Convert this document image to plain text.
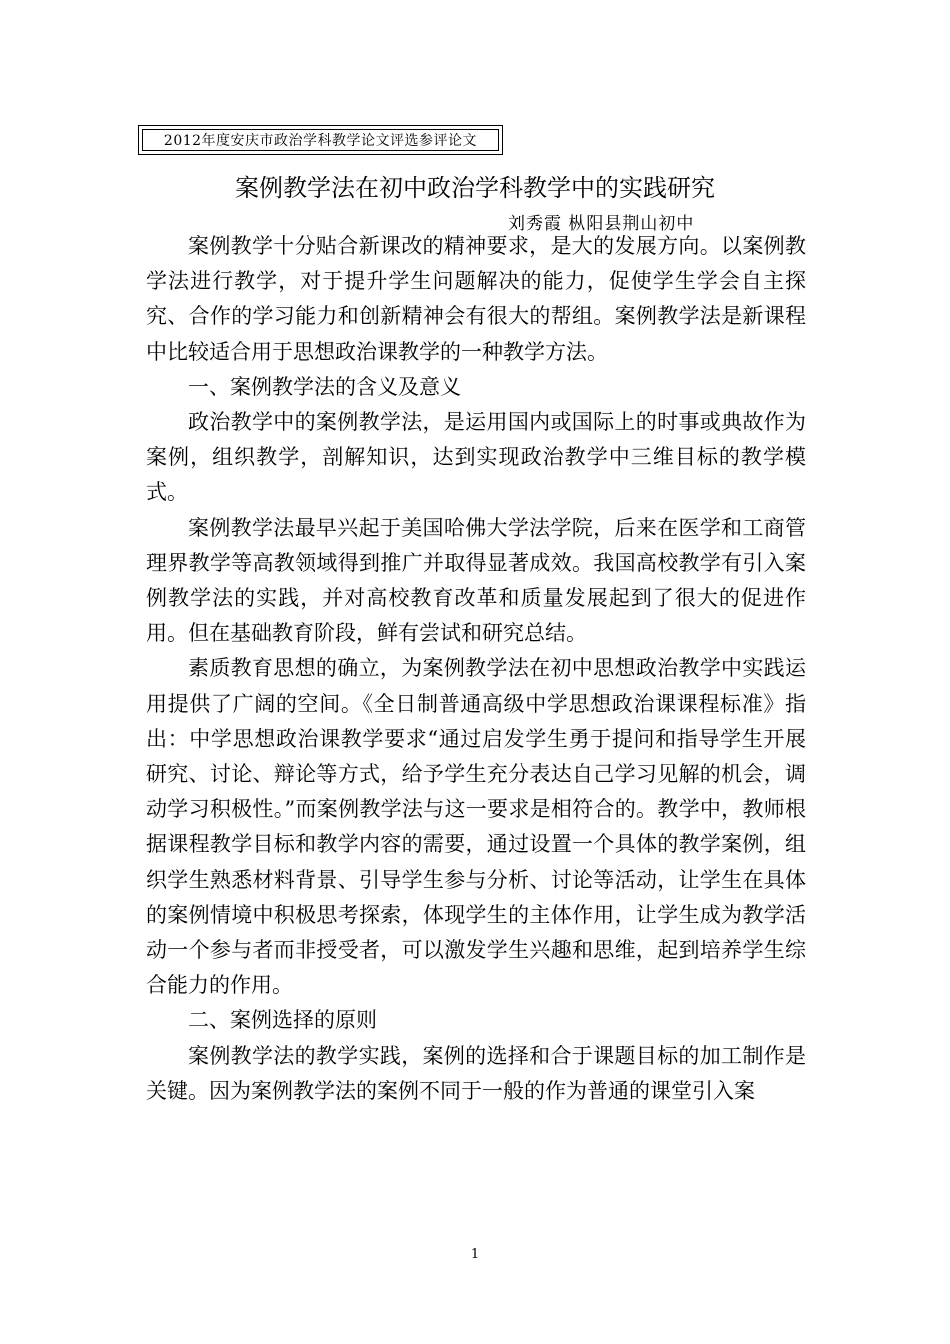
2012年度安庆市政治学科教学论文评选参评论文
案例教学法在初中政治学科教学中的实践研究
刘秀霞 枞阳县荆山初中

案例教学十分贴合新课改的精神要求，是大的发展方向。以案例教学法进行教学，对于提升学生问题解决的能力，促使学生学会自主探究、合作的学习能力和创新精神会有很大的帮组。案例教学法是新课程中比较适合用于思想政治课教学的一种教学方法。

一、案例教学法的含义及意义

政治教学中的案例教学法，是运用国内或国际上的时事或典故作为案例，组织教学，剖解知识，达到实现政治教学中三维目标的教学模式。

案例教学法最早兴起于美国哈佛大学法学院，后来在医学和工商管理界教学等高教领域得到推广并取得显著成效。我国高校教学有引入案例教学法的实践，并对高校教育改革和质量发展起到了很大的促进作用。但在基础教育阶段，鲜有尝试和研究总结。

素质教育思想的确立，为案例教学法在初中思想政治教学中实践运用提供了广阔的空间。《全日制普通高级中学思想政治课课程标准》指出：中学思想政治课教学要求“通过启发学生勇于提问和指导学生开展研究、讨论、辩论等方式，给予学生充分表达自己学习见解的机会，调动学习积极性。”而案例教学法与这一要求是相符合的。教学中，教师根据课程教学目标和教学内容的需要，通过设置一个具体的教学案例，组织学生熟悉材料背景、引导学生参与分析、讨论等活动，让学生在具体的案例情境中积极思考探索，体现学生的主体作用，让学生成为教学活动一个参与者而非授受者，可以激发学生兴趣和思维，起到培养学生综合能力的作用。

二、案例选择的原则

案例教学法的教学实践，案例的选择和合于课题目标的加工制作是关键。因为案例教学法的案例不同于一般的作为普通的课堂引入案

1
